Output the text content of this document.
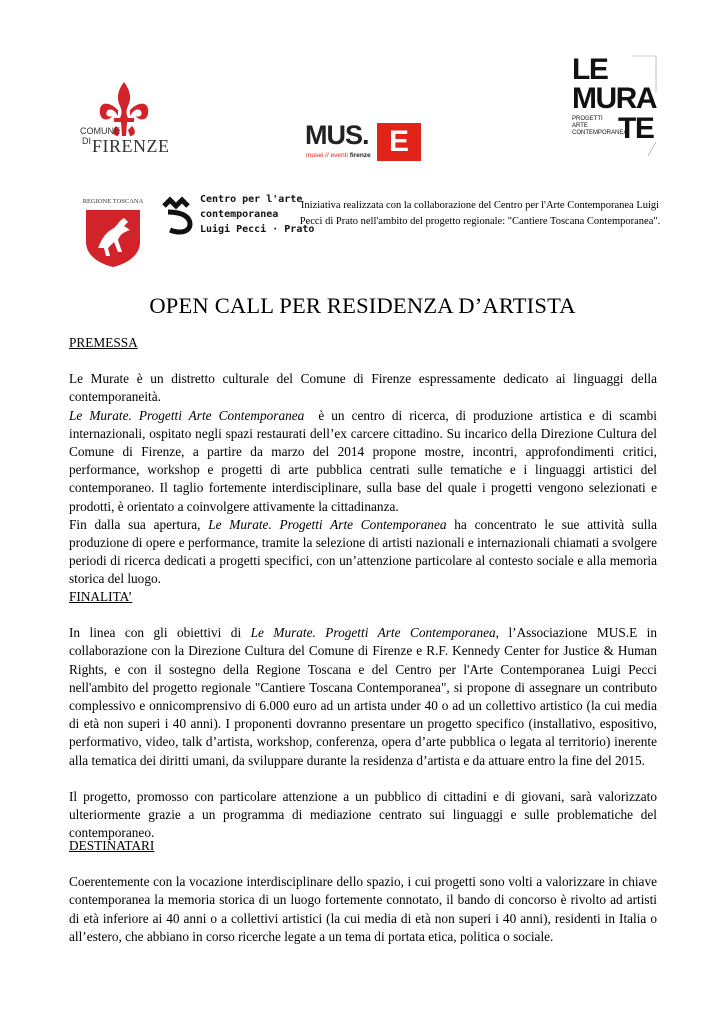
COMUNE
DI FIRENZE	MUS. E
musei // eventi firenze
LE
MURA
TE
PROGETTI
ARTE
CONTEMPORANEA
REGIONE TOSCANA	Centro per l'arte
contemporanea
Luigi Pecci · Prato
Iniziativa realizzata con la collaborazione del Centro per l'Arte Contemporanea Luigi Pecci di Prato nell'ambito del progetto regionale: "Cantiere Toscana Contemporanea".
OPEN CALL PER RESIDENZA D’ARTISTA
PREMESSA

Le Murate è un distretto culturale del Comune di Firenze espressamente dedicato ai linguaggi della contemporaneità.

Le Murate. Progetti Arte Contemporanea  è un centro di ricerca, di produzione artistica e di scambi internazionali, ospitato negli spazi restaurati dell’ex carcere cittadino. Su incarico della Direzione Cultura del Comune di Firenze, a partire da marzo del 2014 propone mostre, incontri, approfondimenti critici, performance, workshop e progetti di arte pubblica centrati sulle tematiche e i linguaggi artistici del contemporaneo. Il taglio fortemente interdisciplinare, sulla base del quale i progetti vengono selezionati e prodotti, è orientato a coinvolgere attivamente la cittadinanza.

Fin dalla sua apertura, Le Murate. Progetti Arte Contemporanea ha concentrato le sue attività sulla produzione di opere e performance, tramite la selezione di artisti nazionali e internazionali chiamati a svolgere periodi di ricerca dedicati a progetti specifici, con un’attenzione particolare al contesto sociale e alla memoria storica del luogo.

FINALITA’

In linea con gli obiettivi di Le Murate. Progetti Arte Contemporanea, l’Associazione MUS.E in collaborazione con la Direzione Cultura del Comune di Firenze e R.F. Kennedy Center for Justice & Human Rights, e con il sostegno della Regione Toscana e del Centro per l'Arte Contemporanea Luigi Pecci nell'ambito del progetto regionale "Cantiere Toscana Contemporanea", si propone di assegnare un contributo complessivo e onnicomprensivo di 6.000 euro ad un artista under 40 o ad un collettivo artistico (la cui media di età non superi i 40 anni). I proponenti dovranno presentare un progetto specifico (installativo, espositivo, performativo, video, talk d’artista, workshop, conferenza, opera d’arte pubblica o legata al territorio) inerente alla tematica dei diritti umani, da sviluppare durante la residenza d’artista e da attuare entro la fine del 2015.

Il progetto, promosso con particolare attenzione a un pubblico di cittadini e di giovani, sarà valorizzato ulteriormente grazie a un programma di mediazione centrato sui linguaggi e sulle problematiche del contemporaneo.

DESTINATARI

Coerentemente con la vocazione interdisciplinare dello spazio, i cui progetti sono volti a valorizzare in chiave contemporanea la memoria storica di un luogo fortemente connotato, il bando di concorso è rivolto ad artisti di età inferiore ai 40 anni o a collettivi artistici (la cui media di età non superi i 40 anni), residenti in Italia o all’estero, che abbiano in corso ricerche legate a un tema di portata etica, politica o sociale.
